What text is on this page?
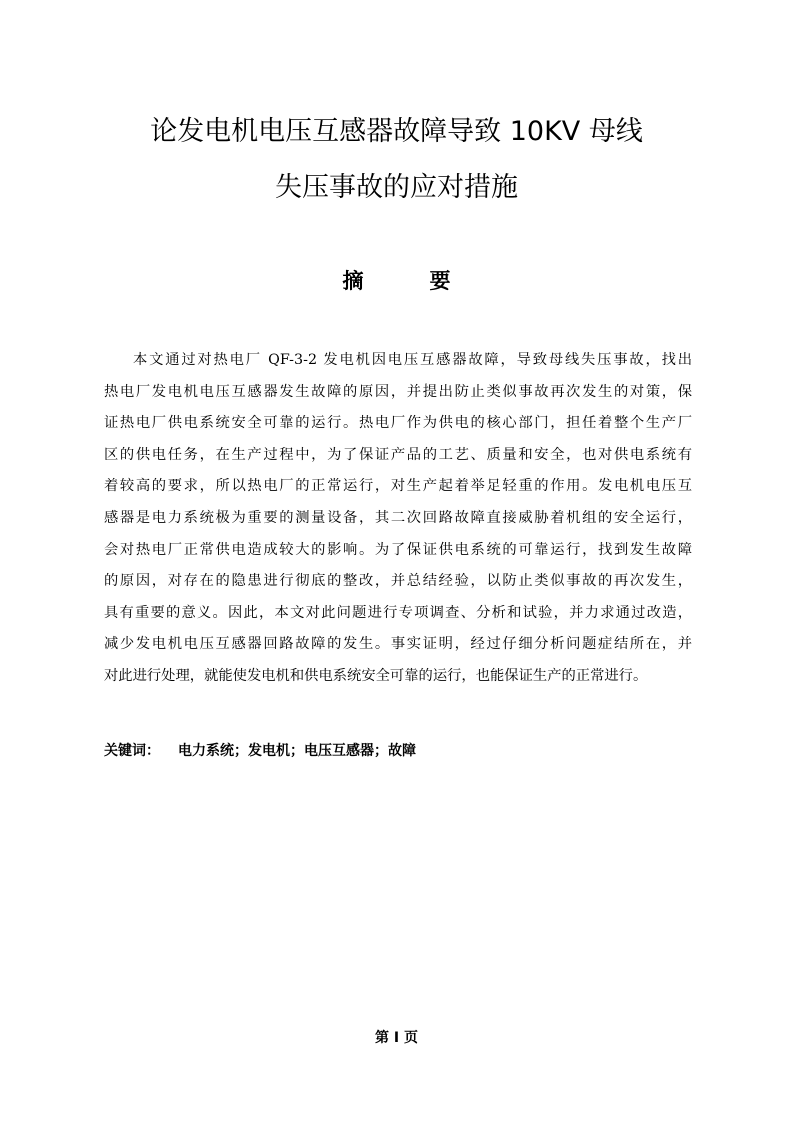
论发电机电压互感器故障导致 10KV 母线
失压事故的应对措施
摘	要
本文通过对热电厂 QF-3-2 发电机因电压互感器故障，导致母线失压事故，找出
热电厂发电机电压互感器发生故障的原因，并提出防止类似事故再次发生的对策，保
证热电厂供电系统安全可靠的运行。热电厂作为供电的核心部门，担任着整个生产厂
区的供电任务，在生产过程中，为了保证产品的工艺、质量和安全，也对供电系统有
着较高的要求，所以热电厂的正常运行，对生产起着举足轻重的作用。发电机电压互
感器是电力系统极为重要的测量设备，其二次回路故障直接威胁着机组的安全运行，
会对热电厂正常供电造成较大的影响。为了保证供电系统的可靠运行，找到发生故障
的原因，对存在的隐患进行彻底的整改，并总结经验，以防止类似事故的再次发生，
具有重要的意义。因此，本文对此问题进行专项调查、分析和试验，并力求通过改造，
减少发电机电压互感器回路故障的发生。事实证明，经过仔细分析问题症结所在，并
对此进行处理，就能使发电机和供电系统安全可靠的运行，也能保证生产的正常进行。
关键词： 电力系统；发电机；电压互感器；故障
第 I 页
